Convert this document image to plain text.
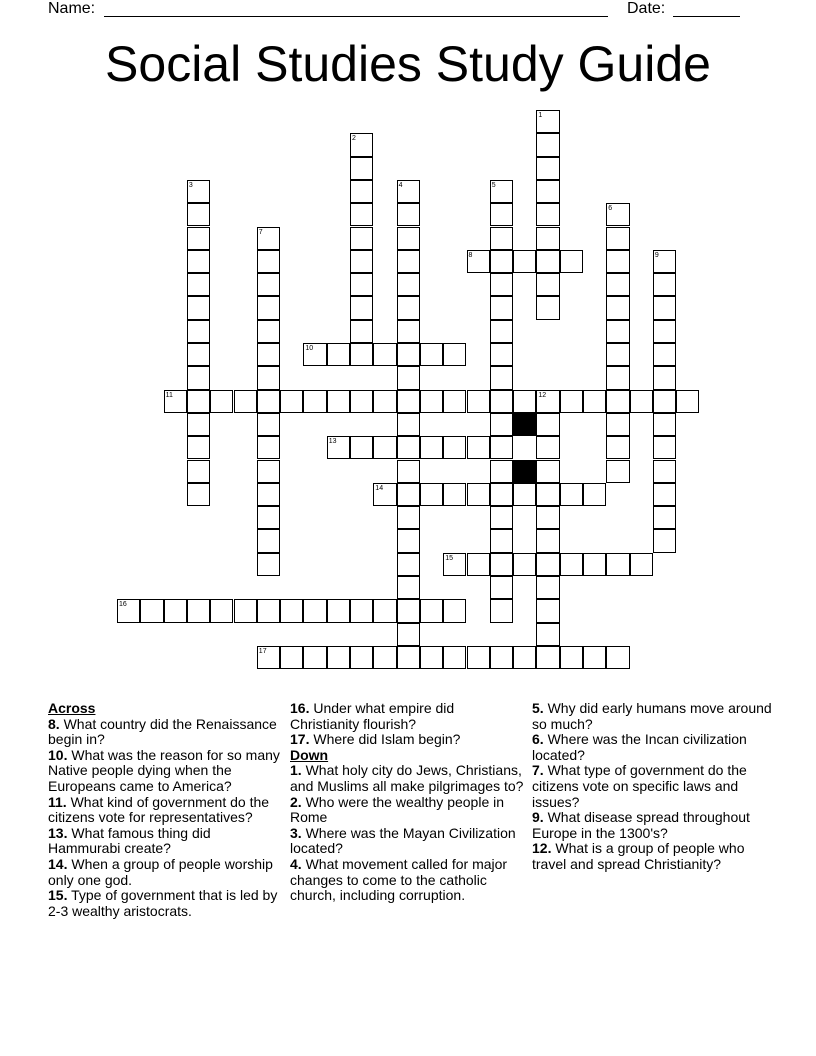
Name:	Date:
Social Studies Study Guide
8
10
11	12
13
14
15
16
17
1
2
3	4	5
6
7
9
Across
8. What country did the Renaissance begin in?
10. What was the reason for so many Native people dying when the Europeans came to America?
11. What kind of government do the citizens vote for representatives?
13. What famous thing did Hammurabi create?
14. When a group of people worship only one god.
15. Type of government that is led by 2-3 wealthy aristocrats.
16. Under what empire did Christianity flourish?
17. Where did Islam begin?
Down
1. What holy city do Jews, Christians, and Muslims all make pilgrimages to?
2. Who were the wealthy people in Rome
3. Where was the Mayan Civilization located?
4. What movement called for major changes to come to the catholic church, including corruption.
5. Why did early humans move around so much?
6. Where was the Incan civilization located?
7. What type of government do the citizens vote on specific laws and issues?
9. What disease spread throughout Europe in the 1300's?
12. What is a group of people who travel and spread Christianity?
